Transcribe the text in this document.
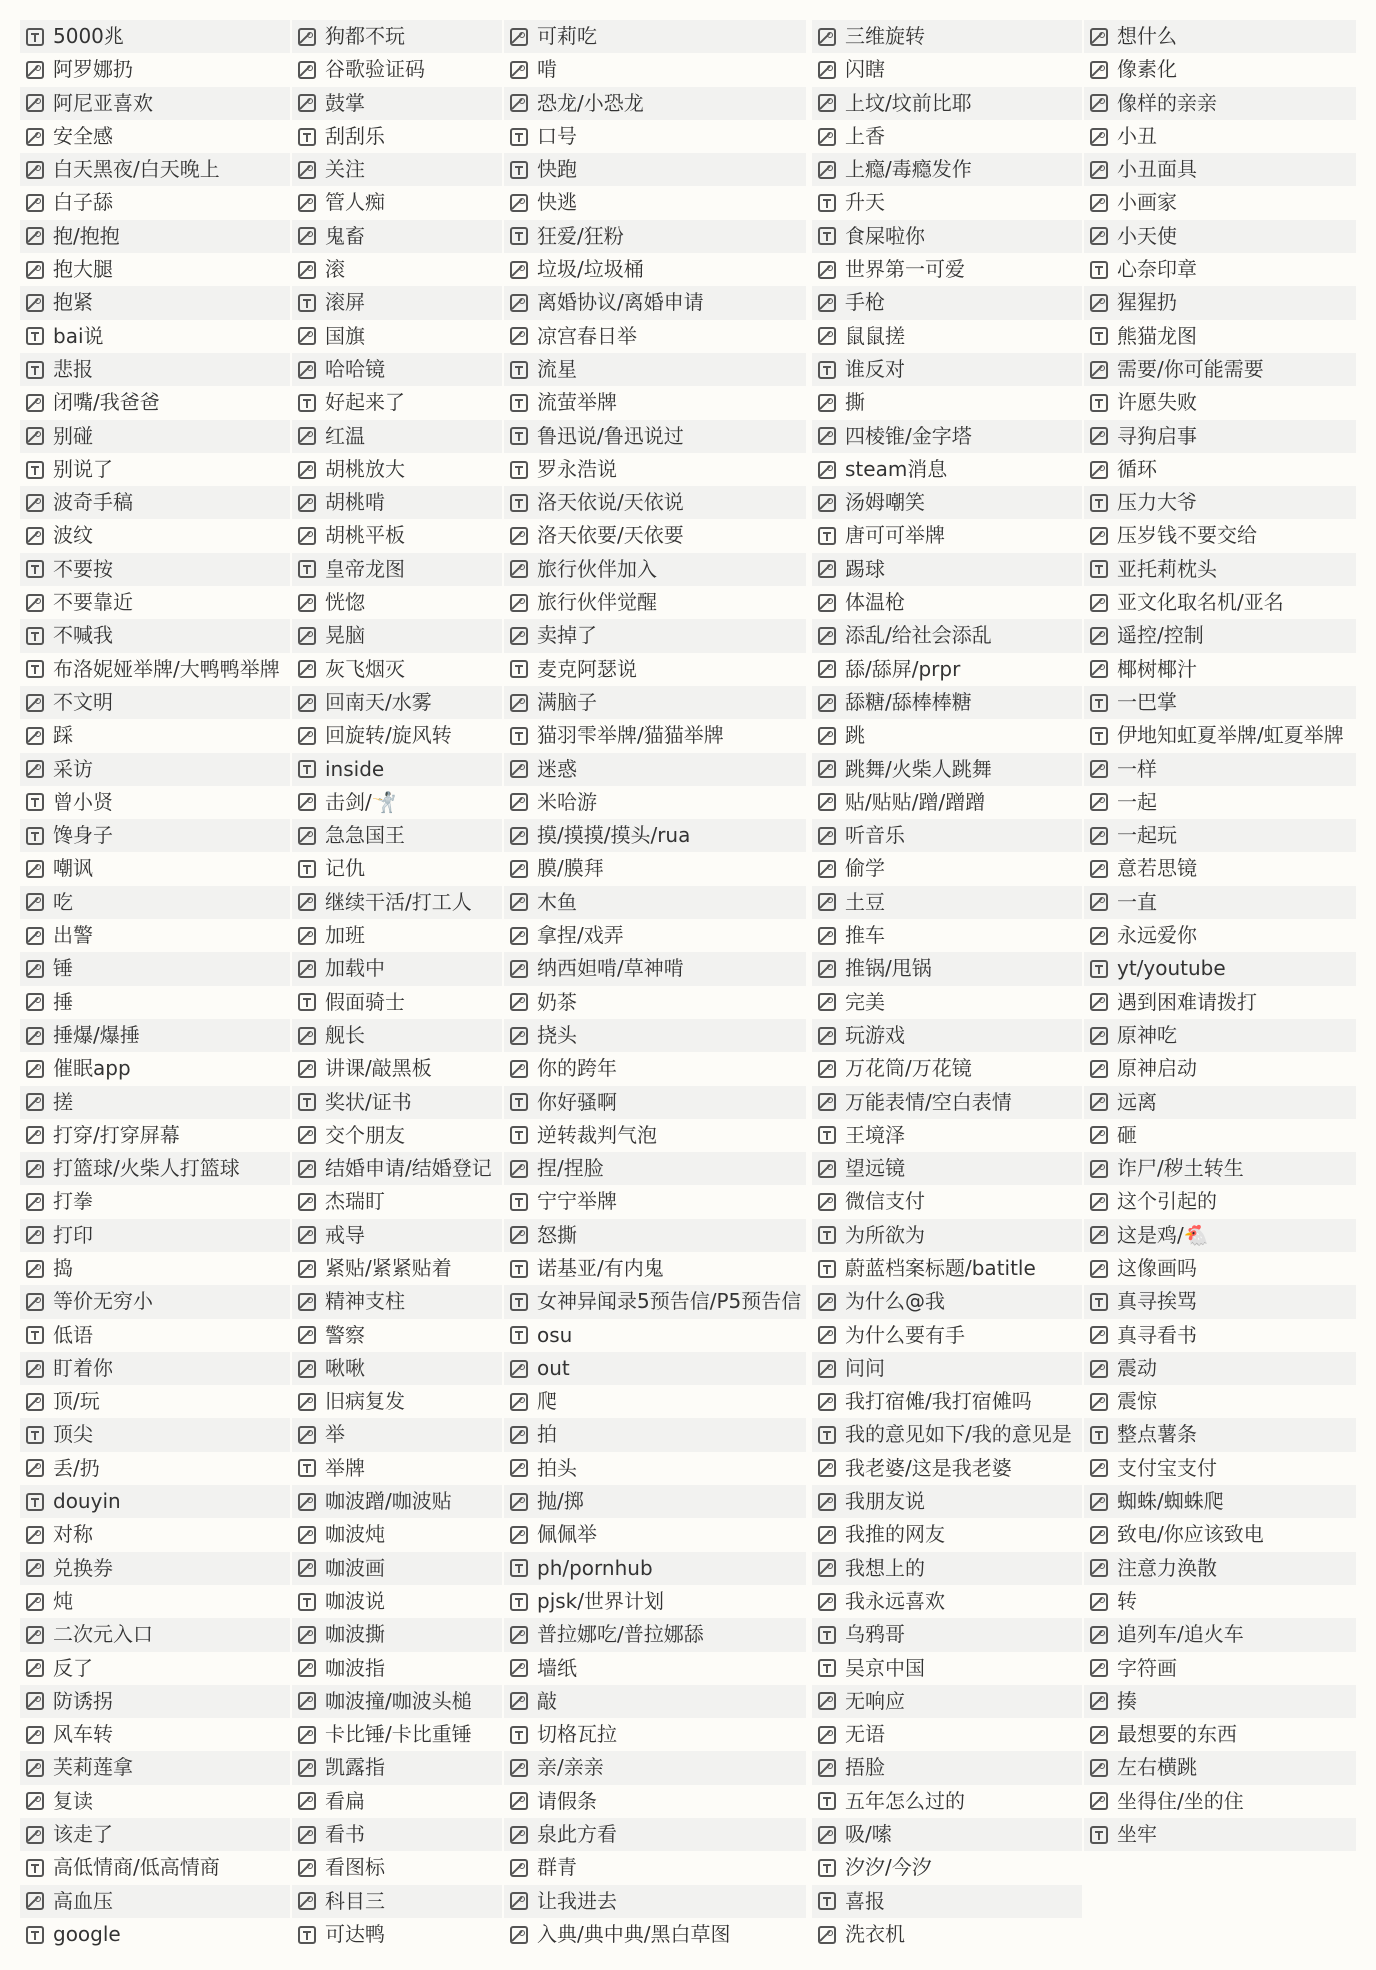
5000兆
阿罗娜扔
阿尼亚喜欢
安全感
白天黑夜/白天晚上
白子舔
抱/抱抱
抱大腿
抱紧
bai说
悲报
闭嘴/我爸爸
别碰
别说了
波奇手稿
波纹
不要按
不要靠近
不喊我
布洛妮娅举牌/大鸭鸭举牌
不文明
踩
采访
曾小贤
馋身子
嘲讽
吃
出警
锤
捶
捶爆/爆捶
催眠app
搓
打穿/打穿屏幕
打篮球/火柴人打篮球
打拳
打印
捣
等价无穷小
低语
盯着你
顶/玩
顶尖
丢/扔
douyin
对称
兑换券
炖
二次元入口
反了
防诱拐
风车转
芙莉莲拿
复读
该走了
高低情商/低高情商
高血压
google
狗都不玩
谷歌验证码
鼓掌
刮刮乐
关注
管人痴
鬼畜
滚
滚屏
国旗
哈哈镜
好起来了
红温
胡桃放大
胡桃啃
胡桃平板
皇帝龙图
恍惚
晃脑
灰飞烟灭
回南天/水雾
回旋转/旋风转
inside
击剑/🤺
急急国王
记仇
继续干活/打工人
加班
加载中
假面骑士
舰长
讲课/敲黑板
奖状/证书
交个朋友
结婚申请/结婚登记
杰瑞盯
戒导
紧贴/紧紧贴着
精神支柱
警察
啾啾
旧病复发
举
举牌
咖波蹭/咖波贴
咖波炖
咖波画
咖波说
咖波撕
咖波指
咖波撞/咖波头槌
卡比锤/卡比重锤
凯露指
看扁
看书
看图标
科目三
可达鸭
可莉吃
啃
恐龙/小恐龙
口号
快跑
快逃
狂爱/狂粉
垃圾/垃圾桶
离婚协议/离婚申请
凉宫春日举
流星
流萤举牌
鲁迅说/鲁迅说过
罗永浩说
洛天依说/天依说
洛天依要/天依要
旅行伙伴加入
旅行伙伴觉醒
卖掉了
麦克阿瑟说
满脑子
猫羽雫举牌/猫猫举牌
迷惑
米哈游
摸/摸摸/摸头/rua
膜/膜拜
木鱼
拿捏/戏弄
纳西妲啃/草神啃
奶茶
挠头
你的跨年
你好骚啊
逆转裁判气泡
捏/捏脸
宁宁举牌
怒撕
诺基亚/有内鬼
女神异闻录5预告信/P5预告信
osu
out
爬
拍
拍头
抛/掷
佩佩举
ph/pornhub
pjsk/世界计划
普拉娜吃/普拉娜舔
墙纸
敲
切格瓦拉
亲/亲亲
请假条
泉此方看
群青
让我进去
入典/典中典/黑白草图
三维旋转
闪瞎
上坟/坟前比耶
上香
上瘾/毒瘾发作
升天
食屎啦你
世界第一可爱
手枪
鼠鼠搓
谁反对
撕
四棱锥/金字塔
steam消息
汤姆嘲笑
唐可可举牌
踢球
体温枪
添乱/给社会添乱
舔/舔屏/prpr
舔糖/舔棒棒糖
跳
跳舞/火柴人跳舞
贴/贴贴/蹭/蹭蹭
听音乐
偷学
土豆
推车
推锅/甩锅
完美
玩游戏
万花筒/万花镜
万能表情/空白表情
王境泽
望远镜
微信支付
为所欲为
蔚蓝档案标题/batitle
为什么@我
为什么要有手
问问
我打宿傩/我打宿傩吗
我的意见如下/我的意见是
我老婆/这是我老婆
我朋友说
我推的网友
我想上的
我永远喜欢
乌鸦哥
吴京中国
无响应
无语
捂脸
五年怎么过的
吸/嗦
汐汐/今汐
喜报
洗衣机
想什么
像素化
像样的亲亲
小丑
小丑面具
小画家
小天使
心奈印章
猩猩扔
熊猫龙图
需要/你可能需要
许愿失败
寻狗启事
循环
压力大爷
压岁钱不要交给
亚托莉枕头
亚文化取名机/亚名
遥控/控制
椰树椰汁
一巴掌
伊地知虹夏举牌/虹夏举牌
一样
一起
一起玩
意若思镜
一直
永远爱你
yt/youtube
遇到困难请拨打
原神吃
原神启动
远离
砸
诈尸/秽土转生
这个引起的
这是鸡/🐔
这像画吗
真寻挨骂
真寻看书
震动
震惊
整点薯条
支付宝支付
蜘蛛/蜘蛛爬
致电/你应该致电
注意力涣散
转
追列车/追火车
字符画
揍
最想要的东西
左右横跳
坐得住/坐的住
坐牢
